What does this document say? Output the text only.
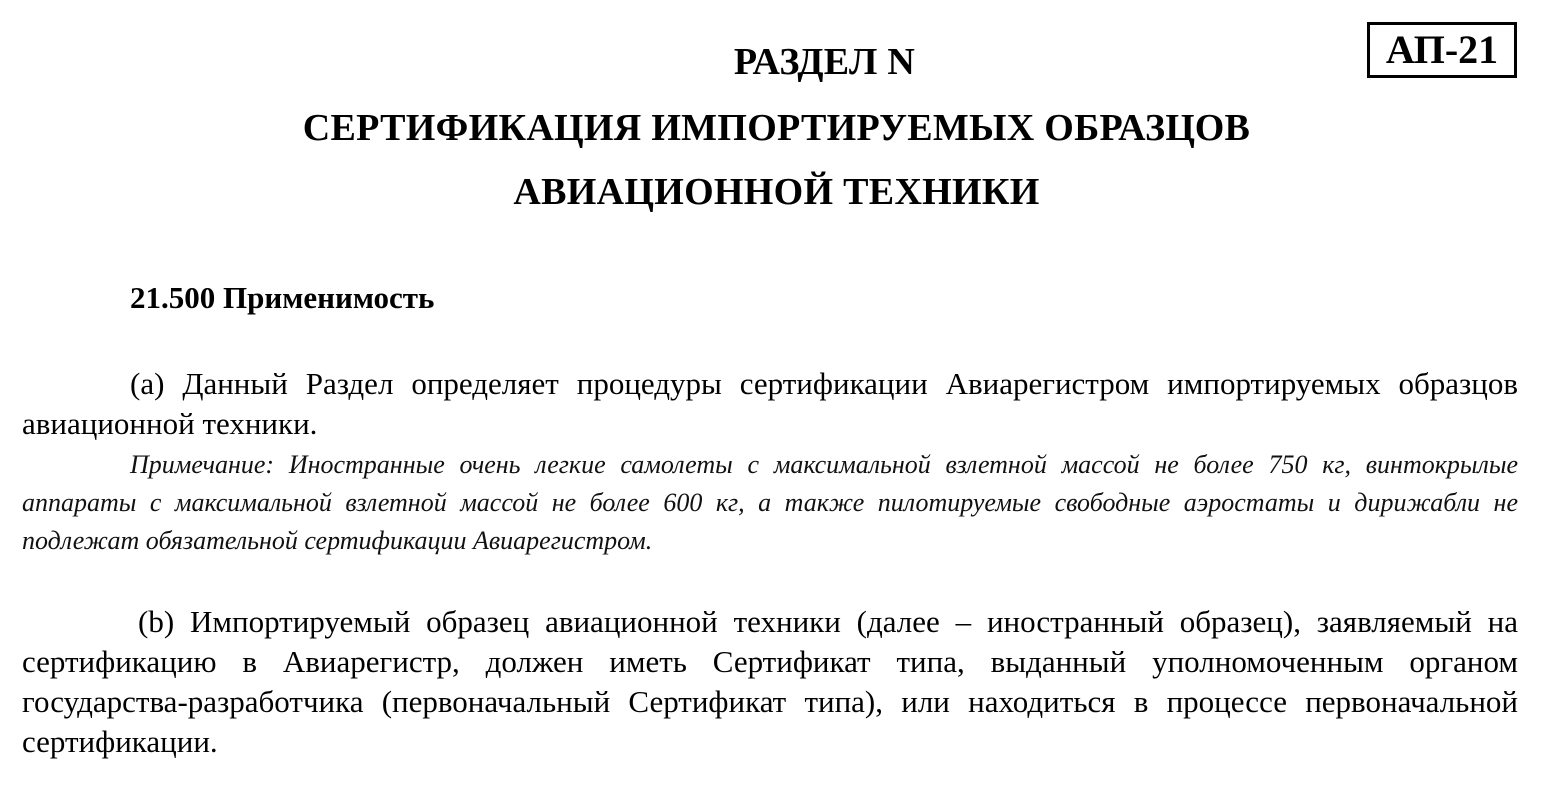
АП-21
РАЗДЕЛ N
СЕРТИФИКАЦИЯ ИМПОРТИРУЕМЫХ ОБРАЗЦОВ
АВИАЦИОННОЙ ТЕХНИКИ
21.500 Применимость
(a) Данный Раздел определяет процедуры сертификации Авиарегистром импортируемых образцов авиационной техники.
Примечание: Иностранные очень легкие самолеты с максимальной взлетной массой не более 750 кг, винтокрылые аппараты с максимальной взлетной массой не более 600 кг, а также пилотируемые свободные аэростаты и дирижабли не подлежат обязательной сертификации Авиарегистром.
(b) Импортируемый образец авиационной техники (далее – иностранный образец), заявляемый на сертификацию в Авиарегистр, должен иметь Сертификат типа, выданный уполномоченным органом государства-разработчика (первоначальный Сертификат типа), или находиться в процессе первоначальной сертификации.
